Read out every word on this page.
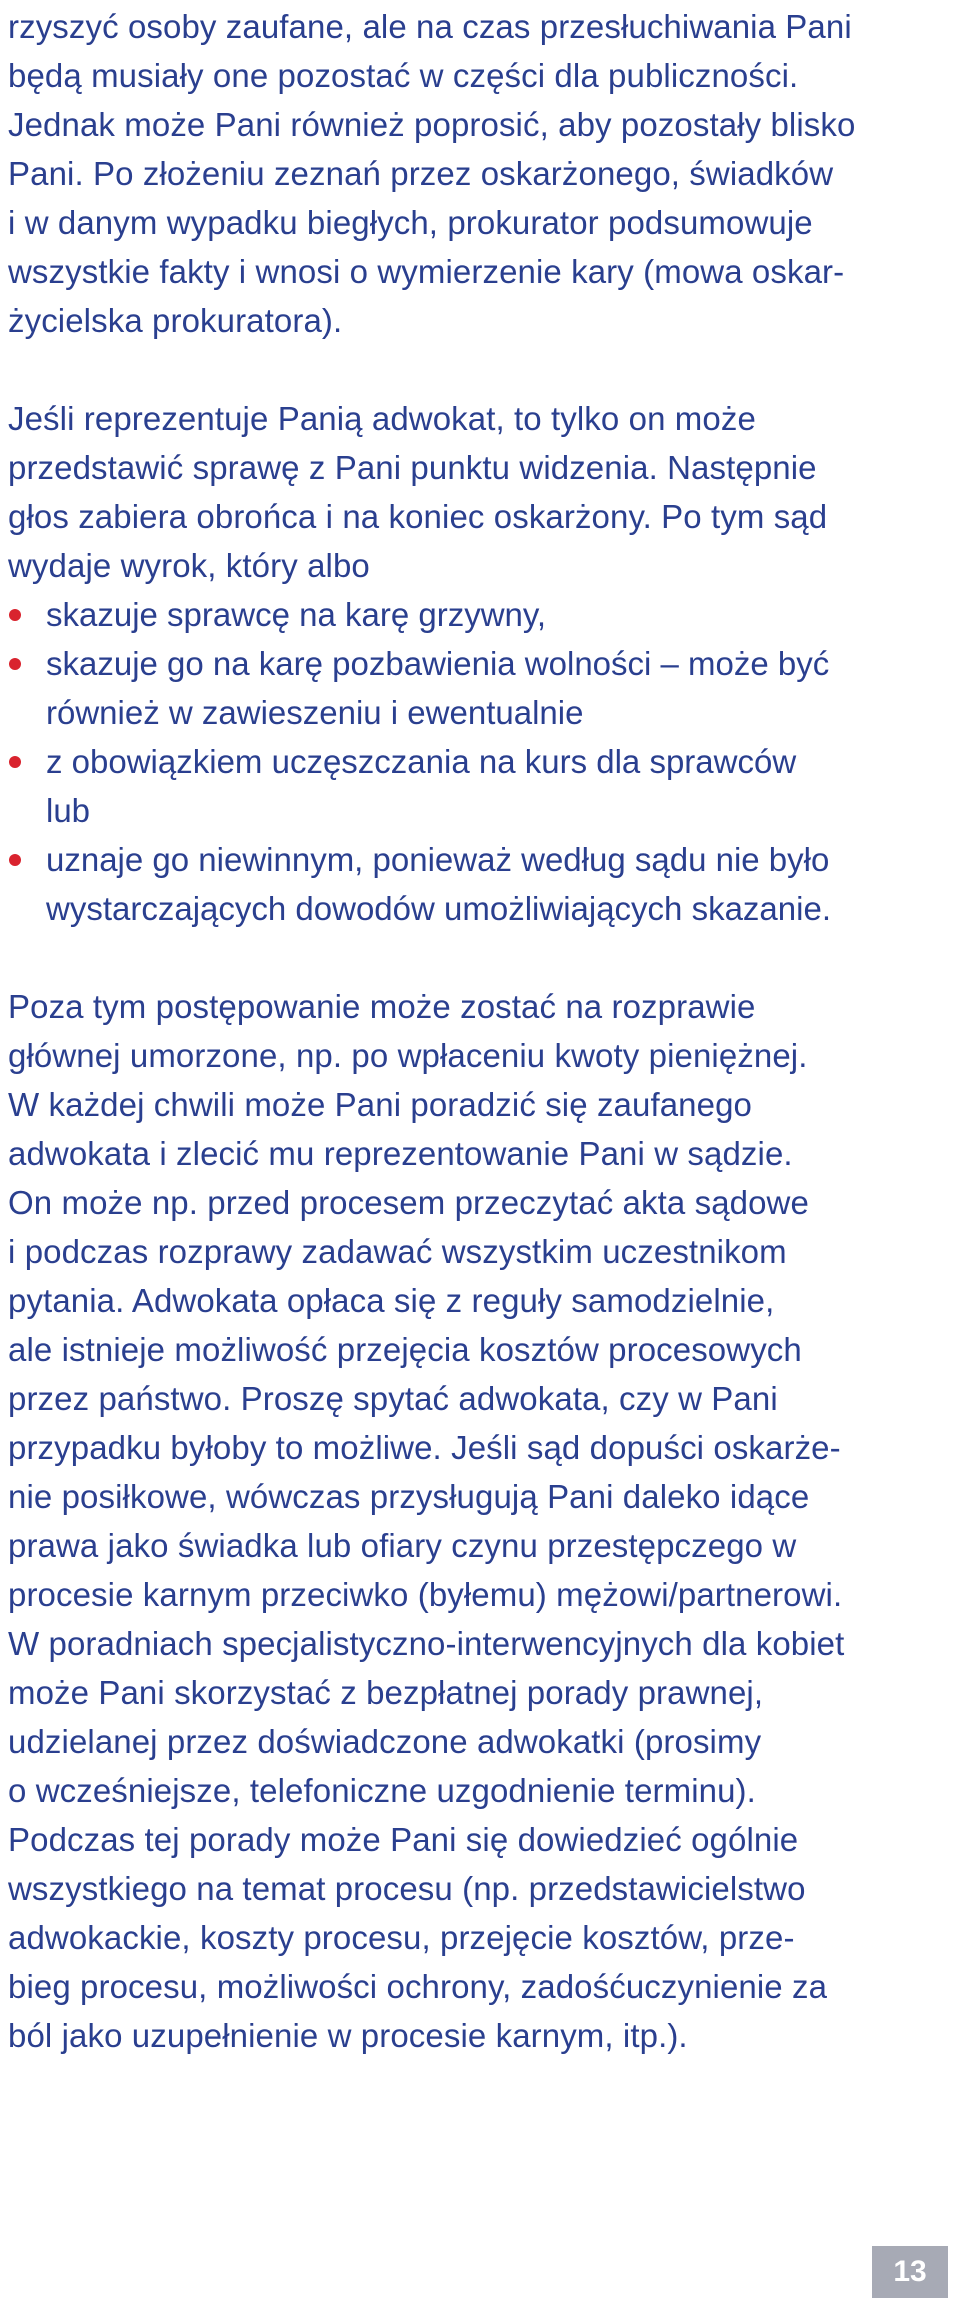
rzyszyć osoby zaufane, ale na czas przesłuchiwania Pani
będą musiały one pozostać w części dla publiczności.
Jednak może Pani również poprosić, aby pozostały blisko
Pani. Po złożeniu zeznań przez oskarżonego, świadków
i w danym wypadku biegłych, prokurator podsumowuje
wszystkie fakty i wnosi o wymierzenie kary (mowa oskar-
życielska prokuratora).

Jeśli reprezentuje Panią adwokat, to tylko on może
przedstawić sprawę z Pani punktu widzenia. Następnie
głos zabiera obrońca i na koniec oskarżony. Po tym sąd
wydaje wyrok, który albo

skazuje sprawcę na karę grzywny,
skazuje go na karę pozbawienia wolności – może być
również w zawieszeniu i ewentualnie
z obowiązkiem uczęszczania na kurs dla sprawców
lub
uznaje go niewinnym, ponieważ według sądu nie było
wystarczających dowodów umożliwiających skazanie.

Poza tym postępowanie może zostać na rozprawie
głównej umorzone, np. po wpłaceniu kwoty pieniężnej.
W każdej chwili może Pani poradzić się zaufanego
adwokata i zlecić mu reprezentowanie Pani w sądzie.
On może np. przed procesem przeczytać akta sądowe
i podczas rozprawy zadawać wszystkim uczestnikom
pytania. Adwokata opłaca się z reguły samodzielnie,
ale istnieje możliwość przejęcia kosztów procesowych
przez państwo. Proszę spytać adwokata, czy w Pani
przypadku byłoby to możliwe. Jeśli sąd dopuści oskarże-
nie posiłkowe, wówczas przysługują Pani daleko idące
prawa jako świadka lub ofiary czynu przestępczego w
procesie karnym przeciwko (byłemu) mężowi/partnerowi.
W poradniach specjalistyczno-interwencyjnych dla kobiet
może Pani skorzystać z bezpłatnej porady prawnej,
udzielanej przez doświadczone adwokatki (prosimy
o wcześniejsze, telefoniczne uzgodnienie terminu).
Podczas tej porady może Pani się dowiedzieć ogólnie
wszystkiego na temat procesu (np. przedstawicielstwo
adwokackie, koszty procesu, przejęcie kosztów, prze-
bieg procesu, możliwości ochrony, zadośćuczynienie za
ból jako uzupełnienie w procesie karnym, itp.).

13
